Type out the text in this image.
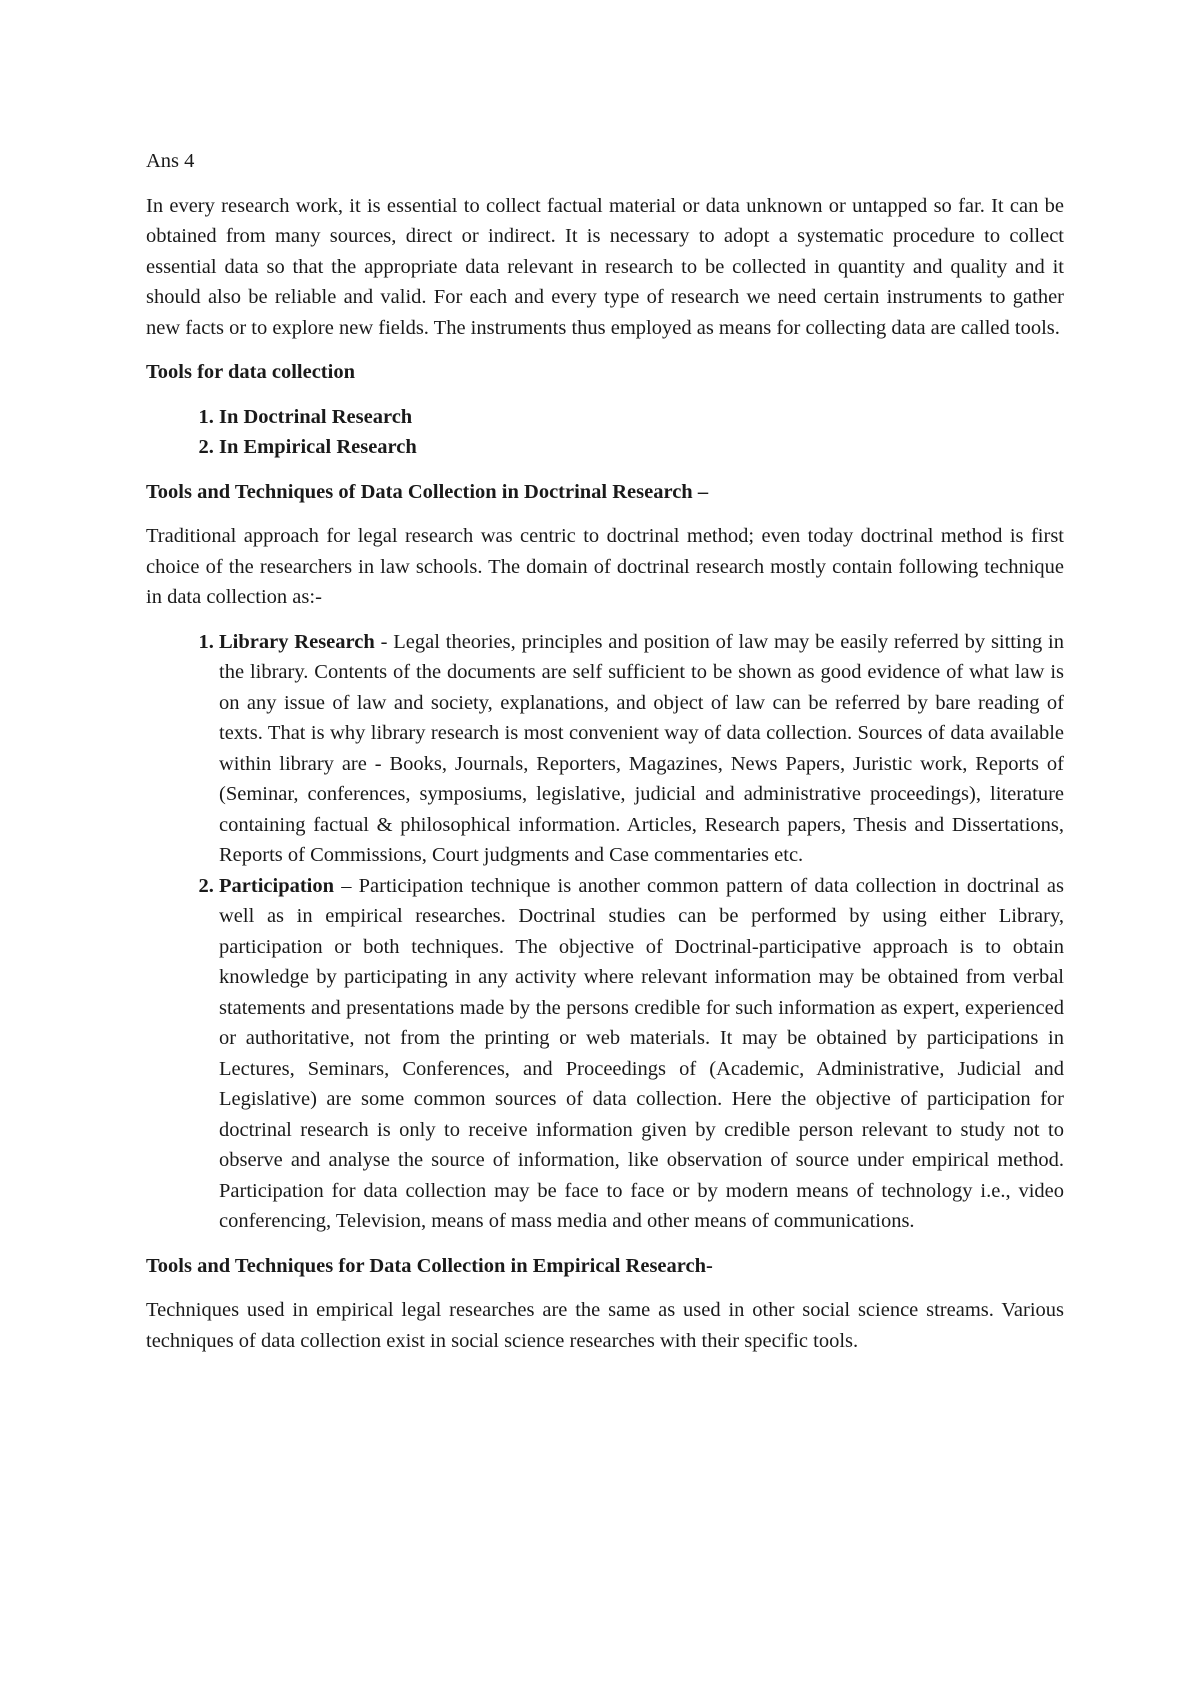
Ans 4

In every research work, it is essential to collect factual material or data unknown or untapped so far. It can be obtained from many sources, direct or indirect. It is necessary to adopt a systematic procedure to collect essential data so that the appropriate data relevant in research to be collected in quantity and quality and it should also be reliable and valid. For each and every type of research we need certain instruments to gather new facts or to explore new fields. The instruments thus employed as means for collecting data are called tools.

Tools for data collection

1. In Doctrinal Research
2. In Empirical Research

Tools and Techniques of Data Collection in Doctrinal Research –

Traditional approach for legal research was centric to doctrinal method; even today doctrinal method is first choice of the researchers in law schools. The domain of doctrinal research mostly contain following technique in data collection as:-

1. Library Research - Legal theories, principles and position of law may be easily referred by sitting in the library. Contents of the documents are self sufficient to be shown as good evidence of what law is on any issue of law and society, explanations, and object of law can be referred by bare reading of texts. That is why library research is most convenient way of data collection. Sources of data available within library are - Books, Journals, Reporters, Magazines, News Papers, Juristic work, Reports of (Seminar, conferences, symposiums, legislative, judicial and administrative proceedings), literature containing factual & philosophical information. Articles, Research papers, Thesis and Dissertations, Reports of Commissions, Court judgments and Case commentaries etc.
2. Participation – Participation technique is another common pattern of data collection in doctrinal as well as in empirical researches. Doctrinal studies can be performed by using either Library, participation or both techniques. The objective of Doctrinal-participative approach is to obtain knowledge by participating in any activity where relevant information may be obtained from verbal statements and presentations made by the persons credible for such information as expert, experienced or authoritative, not from the printing or web materials. It may be obtained by participations in Lectures, Seminars, Conferences, and Proceedings of (Academic, Administrative, Judicial and Legislative) are some common sources of data collection. Here the objective of participation for doctrinal research is only to receive information given by credible person relevant to study not to observe and analyse the source of information, like observation of source under empirical method. Participation for data collection may be face to face or by modern means of technology i.e., video conferencing, Television, means of mass media and other means of communications.

Tools and Techniques for Data Collection in Empirical Research-

Techniques used in empirical legal researches are the same as used in other social science streams. Various techniques of data collection exist in social science researches with their specific tools.
